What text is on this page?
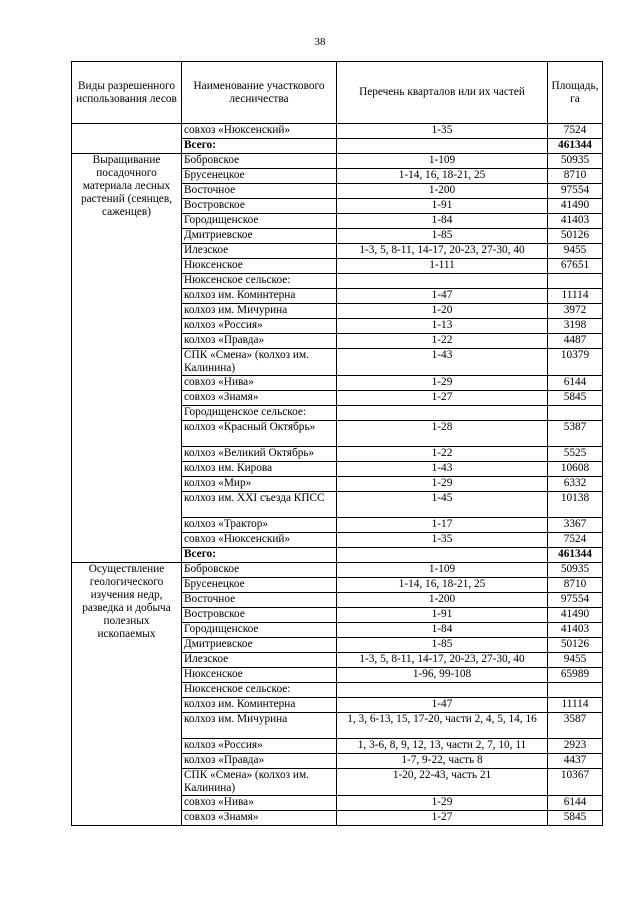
38
Виды разрешенного использования лесов	Наименование участкового лесничества	Перечень кварталов или их частей	Площадь, га
	совхоз «Нюксенский»	1-35	7524
	Всего:		461344
Выращивание посадочного материала лесных растений (сеянцев, саженцев)	Бобровское	1-109	50935
	Брусенецкое	1-14, 16, 18-21, 25	8710
	Восточное	1-200	97554
	Востровское	1-91	41490
	Городищенское	1-84	41403
	Дмитриевское	1-85	50126
	Илезское	1-3, 5, 8-11, 14-17, 20-23, 27-30, 40	9455
	Нюксенское	1-111	67651
	Нюксенское сельское:		
	колхоз им. Коминтерна	1-47	11114
	колхоз им. Мичурина	1-20	3972
	колхоз «Россия»	1-13	3198
	колхоз «Правда»	1-22	4487
	СПК «Смена» (колхоз им. Калинина)	1-43	10379
	совхоз «Нива»	1-29	6144
	совхоз «Знамя»	1-27	5845
	Городищенское сельское:		
	колхоз «Красный Октябрь»	1-28	5387
	колхоз «Великий Октябрь»	1-22	5525
	колхоз им. Кирова	1-43	10608
	колхоз «Мир»	1-29	6332
	колхоз им. XXI съезда КПСС	1-45	10138
	колхоз «Трактор»	1-17	3367
	совхоз «Нюксенский»	1-35	7524
	Всего:		461344
Осуществление геологического изучения недр, разведка и добыча полезных ископаемых	Бобровское	1-109	50935
	Брусенецкое	1-14, 16, 18-21, 25	8710
	Восточное	1-200	97554
	Востровское	1-91	41490
	Городищенское	1-84	41403
	Дмитриевское	1-85	50126
	Илезское	1-3, 5, 8-11, 14-17, 20-23, 27-30, 40	9455
	Нюксенское	1-96, 99-108	65989
	Нюксенское сельское:		
	колхоз им. Коминтерна	1-47	11114
	колхоз им. Мичурина	1, 3, 6-13, 15, 17-20, части 2, 4, 5, 14, 16	3587
	колхоз «Россия»	1, 3-6, 8, 9, 12, 13, части 2, 7, 10, 11	2923
	колхоз «Правда»	1-7, 9-22, часть 8	4437
	СПК «Смена» (колхоз им. Калинина)	1-20, 22-43, часть 21	10367
	совхоз «Нива»	1-29	6144
	совхоз «Знамя»	1-27	5845
